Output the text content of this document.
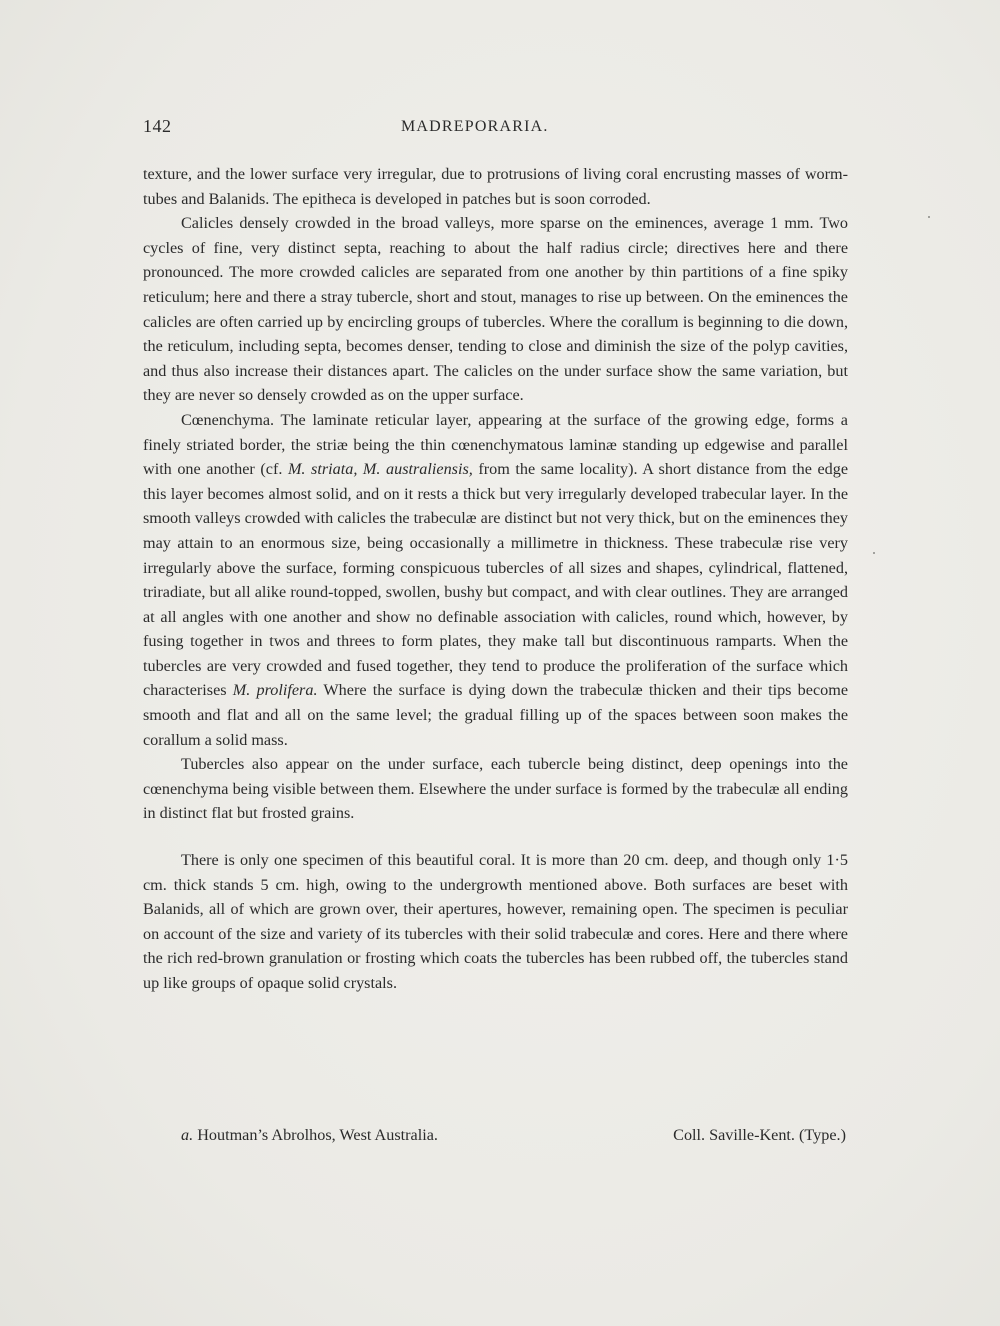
142	MADREPORARIA.

texture, and the lower surface very irregular, due to protrusions of living coral encrusting masses of worm-tubes and Balanids. The epitheca is developed in patches but is soon corroded.

Calicles densely crowded in the broad valleys, more sparse on the eminences, average 1 mm. Two cycles of fine, very distinct septa, reaching to about the half radius circle; directives here and there pronounced. The more crowded calicles are separated from one another by thin partitions of a fine spiky reticulum; here and there a stray tubercle, short and stout, manages to rise up between. On the eminences the calicles are often carried up by encircling groups of tubercles. Where the corallum is beginning to die down, the reticulum, including septa, becomes denser, tending to close and diminish the size of the polyp cavities, and thus also increase their distances apart. The calicles on the under surface show the same variation, but they are never so densely crowded as on the upper surface.

Cœnenchyma. The laminate reticular layer, appearing at the surface of the growing edge, forms a finely striated border, the striæ being the thin cœnenchymatous laminæ standing up edgewise and parallel with one another (cf. M. striata, M. australiensis, from the same locality). A short distance from the edge this layer becomes almost solid, and on it rests a thick but very irregularly developed trabecular layer. In the smooth valleys crowded with calicles the trabeculæ are distinct but not very thick, but on the eminences they may attain to an enormous size, being occasionally a millimetre in thickness. These trabeculæ rise very irregularly above the surface, forming conspicuous tubercles of all sizes and shapes, cylindrical, flattened, triradiate, but all alike round-topped, swollen, bushy but compact, and with clear outlines. They are arranged at all angles with one another and show no definable association with calicles, round which, however, by fusing together in twos and threes to form plates, they make tall but discontinuous ramparts. When the tubercles are very crowded and fused together, they tend to produce the proliferation of the surface which characterises M. prolifera. Where the surface is dying down the trabeculæ thicken and their tips become smooth and flat and all on the same level; the gradual filling up of the spaces between soon makes the corallum a solid mass.

Tubercles also appear on the under surface, each tubercle being distinct, deep openings into the cœnenchyma being visible between them. Elsewhere the under surface is formed by the trabeculæ all ending in distinct flat but frosted grains.

There is only one specimen of this beautiful coral. It is more than 20 cm. deep, and though only 1·5 cm. thick stands 5 cm. high, owing to the undergrowth mentioned above. Both surfaces are beset with Balanids, all of which are grown over, their apertures, however, remaining open. The specimen is peculiar on account of the size and variety of its tubercles with their solid trabeculæ and cores. Here and there where the rich red-brown granulation or frosting which coats the tubercles has been rubbed off, the tubercles stand up like groups of opaque solid crystals.

a. Houtman’s Abrolhos, West Australia.	Coll. Saville-Kent. (Type.)
